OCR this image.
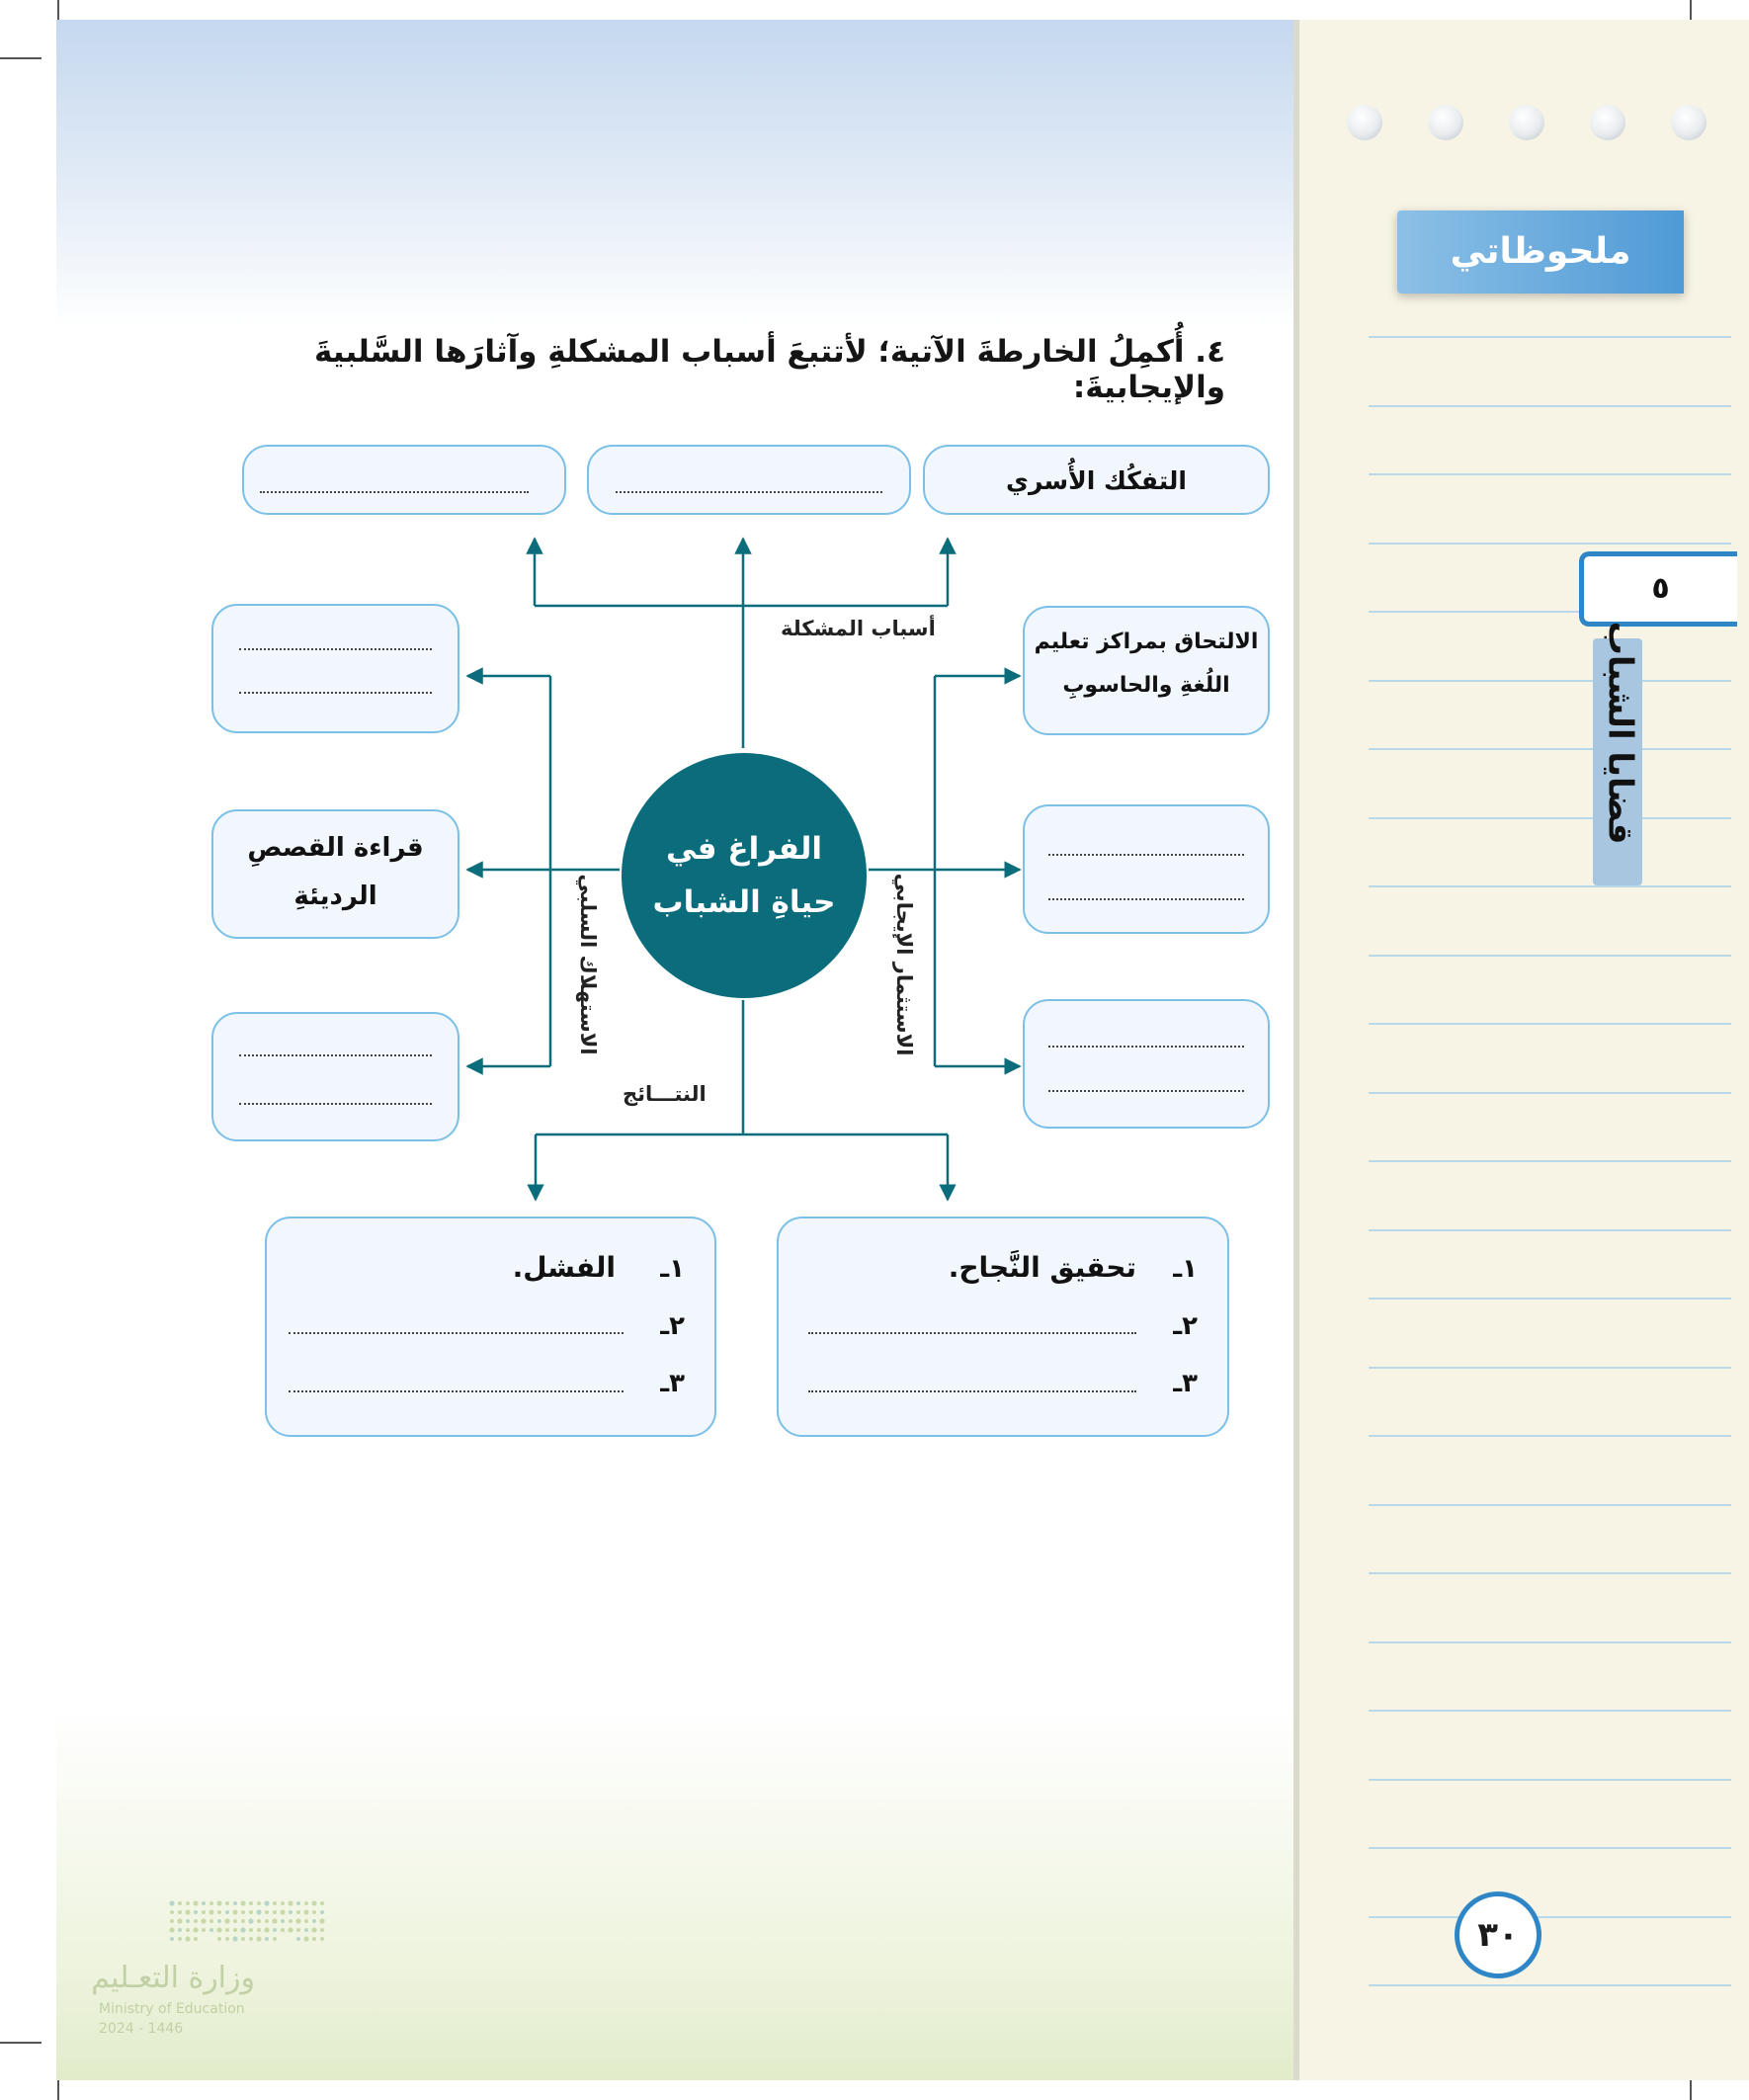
ملحوظاتي
٥
قضايا الشباب
٣٠
٤. أُكمِلُ الخارطةَ الآتية؛ لأتتبعَ أسباب المشكلةِ وآثارَها السَّلبيةَ والإيجابيةَ:
التفكُك الأُسري
أسباب المشكلة
الالتحاق بمراكز تعليم
اللُغةِ والحاسوبِ
قراءة القصصِ
الرديئةِ
الفراغ في
حياةِ الشباب
الاستهلاك السلبي	الاستثمار الإيجابي
النتـــائج
١ـ
تحقيق النَّجاح.
٢ـ
٣ـ
١ـ
الفشل.
٢ـ
٣ـ
وزارة التعـليم
Ministry of Education
2024 - 1446
